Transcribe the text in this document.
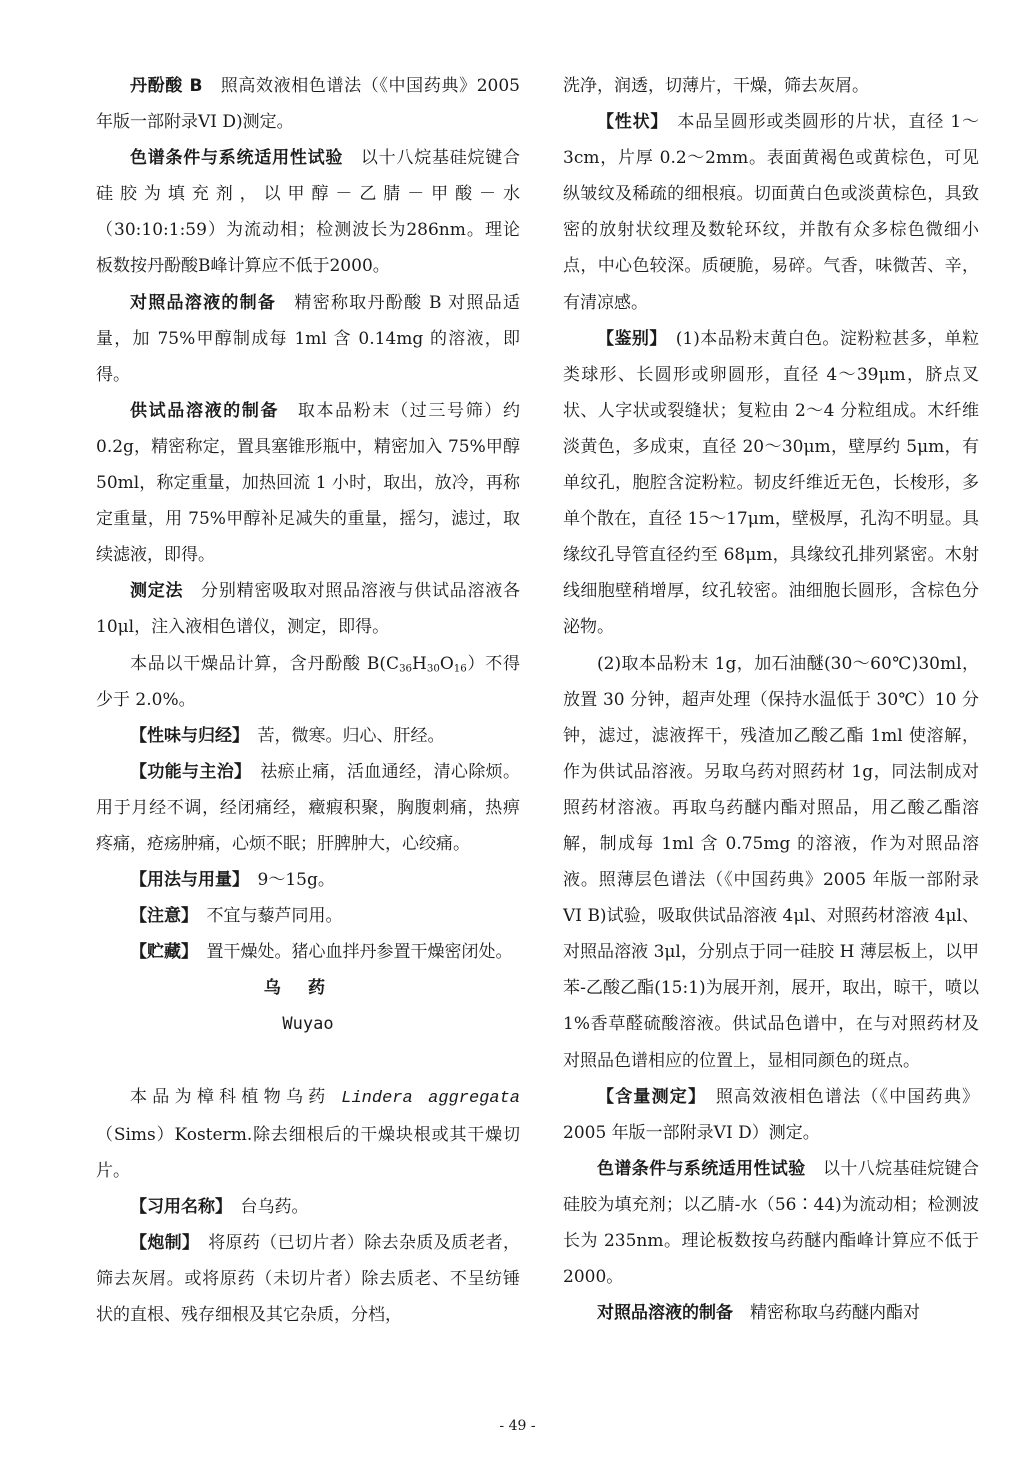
丹酚酸 B　照高效液相色谱法（《中国药典》2005 年版一部附录VI D)测定。

色谱条件与系统适用性试验　以十八烷基硅烷键合硅胶为填充剂，以甲醇－乙腈－甲酸－水（30:10:1:59）为流动相；检测波长为286nm。理论板数按丹酚酸B峰计算应不低于2000。

对照品溶液的制备　精密称取丹酚酸 B 对照品适量，加 75%甲醇制成每 1ml 含 0.14mg 的溶液，即得。

供试品溶液的制备　取本品粉末（过三号筛）约 0.2g，精密称定，置具塞锥形瓶中，精密加入 75%甲醇 50ml，称定重量，加热回流 1 小时，取出，放冷，再称定重量，用 75%甲醇补足减失的重量，摇匀，滤过，取续滤液，即得。

测定法　分别精密吸取对照品溶液与供试品溶液各10μl，注入液相色谱仪，测定，即得。

本品以干燥品计算，含丹酚酸 $B(C_{36}H_{30}O_{16})$不得少于 2.0%。

【性味与归经】　苦，微寒。归心、肝经。

【功能与主治】　祛瘀止痛，活血通经，清心除烦。用于月经不调，经闭痛经，癥瘕积聚，胸腹刺痛，热痹疼痛，疮疡肿痛，心烦不眠；肝脾肿大，心绞痛。

【用法与用量】　9～15g。

【注意】　不宜与藜芦同用。

【贮藏】　置干燥处。猪心血拌丹参置干燥密闭处。

乌药

Wuyao

本品为樟科植物乌药 Lindera aggregata（Sims）Kosterm.除去细根后的干燥块根或其干燥切片。

【习用名称】　台乌药。

【炮制】　将原药（已切片者）除去杂质及质老者，筛去灰屑。或将原药（未切片者）除去质老、不呈纺锤状的直根、残存细根及其它杂质，分档，

洗净，润透，切薄片，干燥，筛去灰屑。

【性状】　本品呈圆形或类圆形的片状，直径 1～3cm，片厚 0.2～2mm。表面黄褐色或黄棕色，可见纵皱纹及稀疏的细根痕。切面黄白色或淡黄棕色，具致密的放射状纹理及数轮环纹，并散有众多棕色微细小点，中心色较深。质硬脆，易碎。气香，味微苦、辛，有清凉感。

【鉴别】　(1)本品粉末黄白色。淀粉粒甚多，单粒类球形、长圆形或卵圆形，直径 4～39μm，脐点叉状、人字状或裂缝状；复粒由 2～4 分粒组成。木纤维淡黄色，多成束，直径 20～30μm，壁厚约 5μm，有单纹孔，胞腔含淀粉粒。韧皮纤维近无色，长梭形，多单个散在，直径 15～17μm，壁极厚，孔沟不明显。具缘纹孔导管直径约至 68μm，具缘纹孔排列紧密。木射线细胞壁稍增厚，纹孔较密。油细胞长圆形，含棕色分泌物。

(2)取本品粉末 1g，加石油醚(30～60℃)30ml，放置 30 分钟，超声处理（保持水温低于 30℃）10 分钟，滤过，滤液挥干，残渣加乙酸乙酯 1ml 使溶解，作为供试品溶液。另取乌药对照药材 1g，同法制成对照药材溶液。再取乌药醚内酯对照品，用乙酸乙酯溶解，制成每 1ml 含 0.75mg 的溶液，作为对照品溶液。照薄层色谱法（《中国药典》2005 年版一部附录VI B)试验，吸取供试品溶液 4μl、对照药材溶液 4μl、对照品溶液 3μl，分别点于同一硅胶 H 薄层板上，以甲苯-乙酸乙酯(15:1)为展开剂，展开，取出，晾干，喷以 1%香草醛硫酸溶液。供试品色谱中，在与对照药材及对照品色谱相应的位置上，显相同颜色的斑点。

【含量测定】　照高效液相色谱法（《中国药典》2005 年版一部附录VI D）测定。

色谱条件与系统适用性试验　以十八烷基硅烷键合硅胶为填充剂；以乙腈-水（56∶44)为流动相；检测波长为 235nm。理论板数按乌药醚内酯峰计算应不低于 2000。

对照品溶液的制备　精密称取乌药醚内酯对

- 49 -
